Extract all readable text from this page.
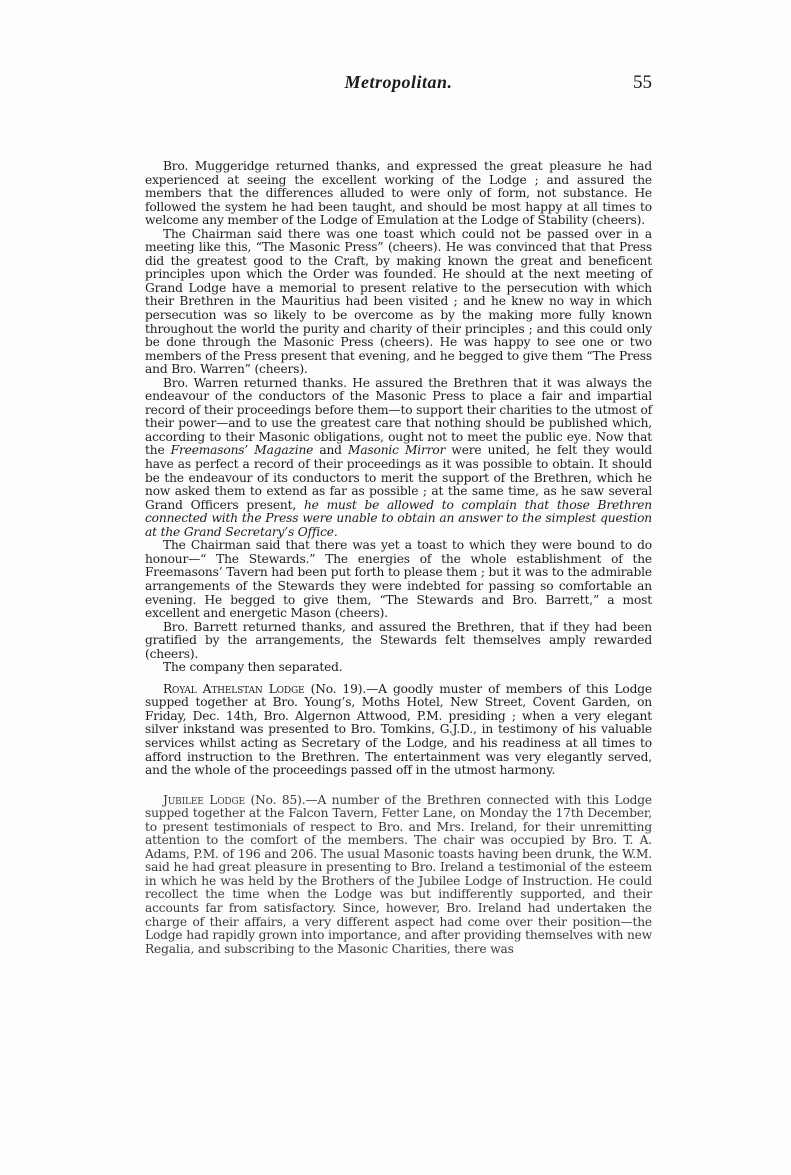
Metropolitan.	55

Bro. Muggeridge returned thanks, and expressed the great pleasure he had experienced at seeing the excellent working of the Lodge ; and assured the members that the differences alluded to were only of form, not substance. He followed the system he had been taught, and should be most happy at all times to welcome any member of the Lodge of Emulation at the Lodge of Stability (cheers).

The Chairman said there was one toast which could not be passed over in a meeting like this, “The Masonic Press” (cheers). He was convinced that that Press did the greatest good to the Craft, by making known the great and beneficent principles upon which the Order was founded. He should at the next meeting of Grand Lodge have a memorial to present relative to the persecution with which their Brethren in the Mauritius had been visited ; and he knew no way in which persecution was so likely to be overcome as by the making more fully known throughout the world the purity and charity of their principles ; and this could only be done through the Masonic Press (cheers). He was happy to see one or two members of the Press present that evening, and he begged to give them “The Press and Bro. Warren” (cheers).

Bro. Warren returned thanks. He assured the Brethren that it was always the endeavour of the conductors of the Masonic Press to place a fair and impartial record of their proceedings before them—to support their charities to the utmost of their power—and to use the greatest care that nothing should be published which, according to their Masonic obligations, ought not to meet the public eye. Now that the Freemasons’ Magazine and Masonic Mirror were united, he felt they would have as perfect a record of their proceedings as it was possible to obtain. It should be the endeavour of its conductors to merit the support of the Brethren, which he now asked them to extend as far as possible ; at the same time, as he saw several Grand Officers present, he must be allowed to complain that those Brethren connected with the Press were unable to obtain an answer to the simplest question at the Grand Secretary’s Office.

The Chairman said that there was yet a toast to which they were bound to do honour—“ The Stewards.” The energies of the whole establishment of the Freemasons’ Tavern had been put forth to please them ; but it was to the admirable arrangements of the Stewards they were indebted for passing so comfortable an evening. He begged to give them, “The Stewards and Bro. Barrett,” a most excellent and energetic Mason (cheers).

Bro. Barrett returned thanks, and assured the Brethren, that if they had been gratified by the arrangements, the Stewards felt themselves amply rewarded (cheers).

The company then separated.

Royal Athelstan Lodge (No. 19).—A goodly muster of members of this Lodge supped together at Bro. Young’s, Moths Hotel, New Street, Covent Garden, on Friday, Dec. 14th, Bro. Algernon Attwood, P.M. presiding ; when a very elegant silver inkstand was presented to Bro. Tomkins, G.J.D., in testimony of his valuable services whilst acting as Secretary of the Lodge, and his readiness at all times to afford instruction to the Brethren. The entertainment was very elegantly served, and the whole of the proceedings passed off in the utmost harmony.

Jubilee Lodge (No. 85).—A number of the Brethren connected with this Lodge supped together at the Falcon Tavern, Fetter Lane, on Monday the 17th December, to present testimonials of respect to Bro. and Mrs. Ireland, for their unremitting attention to the comfort of the members. The chair was occupied by Bro. T. A. Adams, P.M. of 196 and 206. The usual Masonic toasts having been drunk, the W.M. said he had great pleasure in presenting to Bro. Ireland a testimonial of the esteem in which he was held by the Brothers of the Jubilee Lodge of Instruction. He could recollect the time when the Lodge was but indifferently supported, and their accounts far from satisfactory. Since, however, Bro. Ireland had undertaken the charge of their affairs, a very different aspect had come over their position—the Lodge had rapidly grown into importance, and after providing themselves with new Regalia, and subscribing to the Masonic Charities, there was
